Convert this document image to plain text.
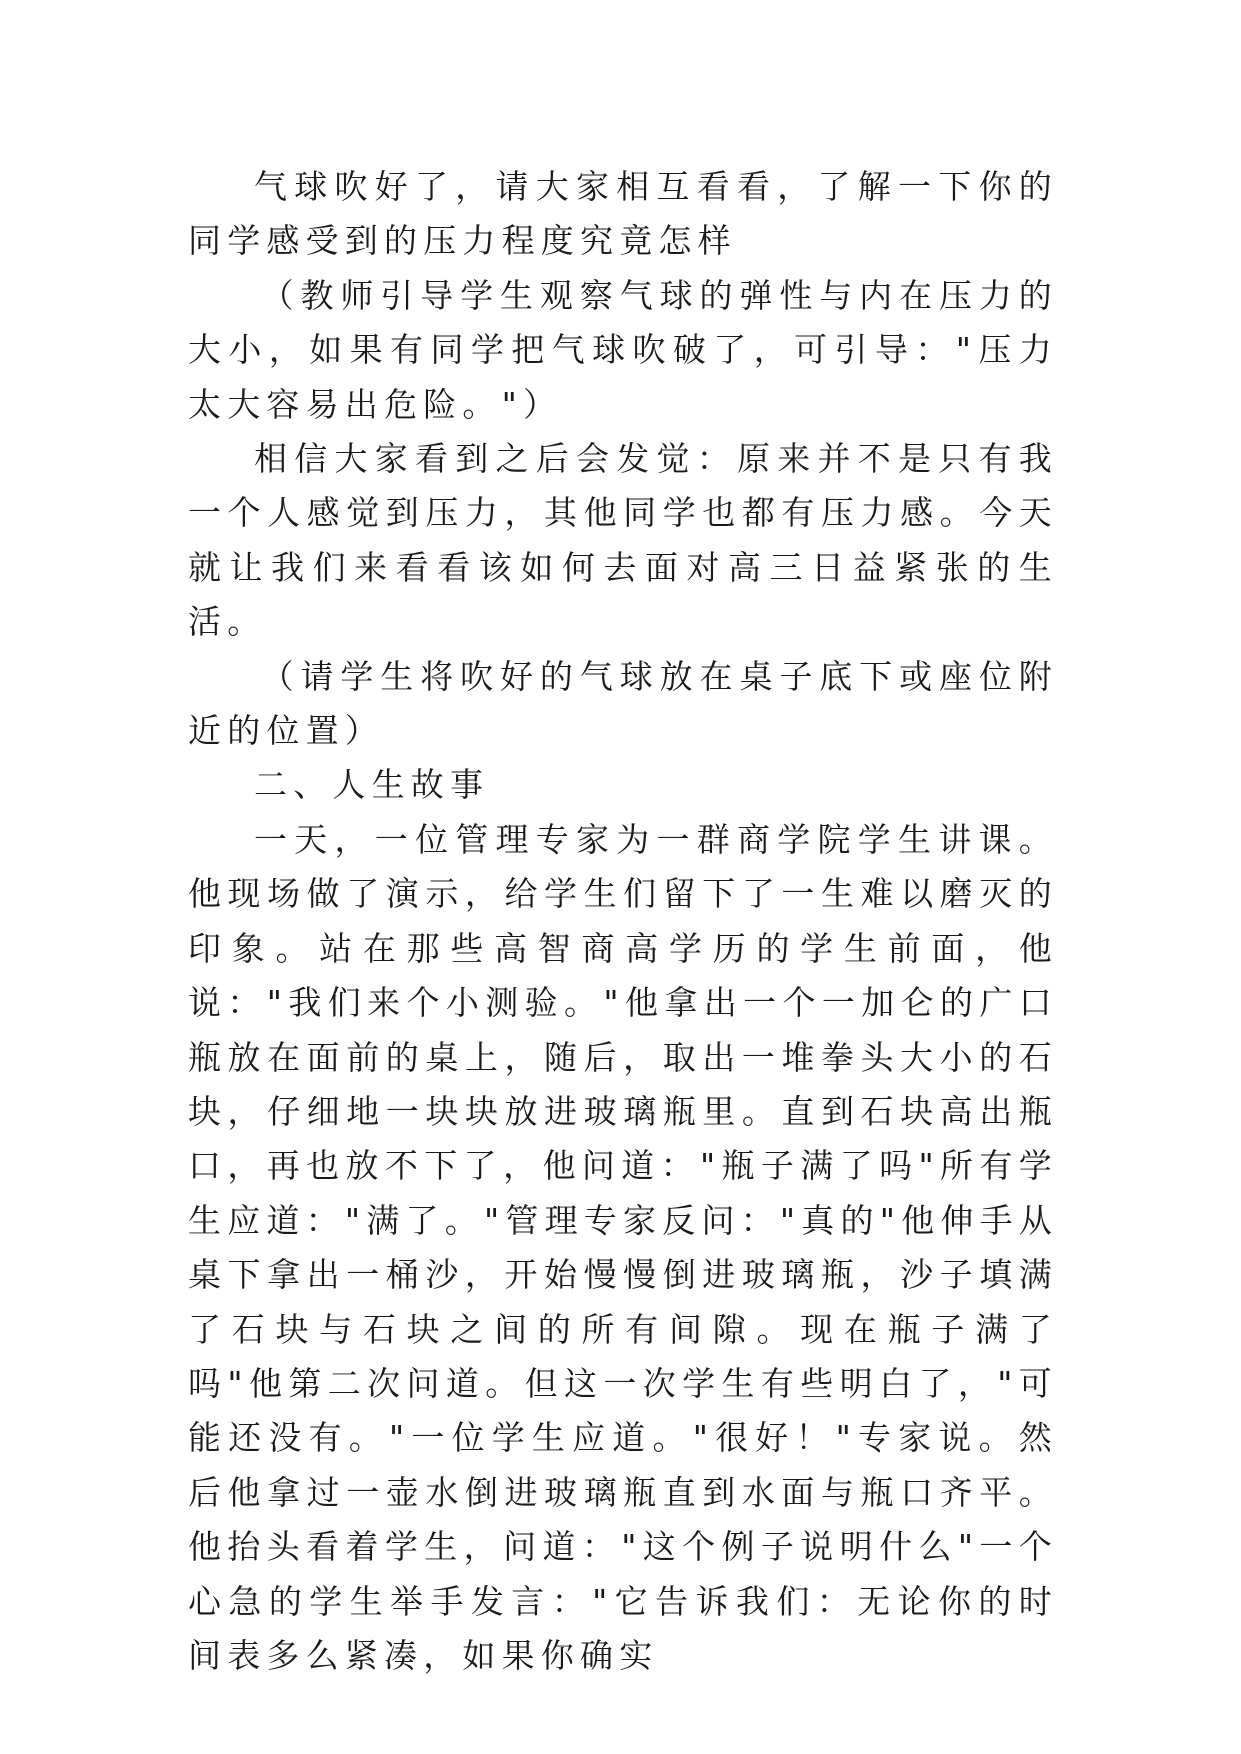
气球吹好了，请大家相互看看，了解一下你的同学感受到的压力程度究竟怎样

（教师引导学生观察气球的弹性与内在压力的大小，如果有同学把气球吹破了，可引导："压力太大容易出危险。"）

相信大家看到之后会发觉：原来并不是只有我一个人感觉到压力，其他同学也都有压力感。今天就让我们来看看该如何去面对高三日益紧张的生活。

（请学生将吹好的气球放在桌子底下或座位附近的位置）

二、人生故事

一天，一位管理专家为一群商学院学生讲课。他现场做了演示，给学生们留下了一生难以磨灭的印象。站在那些高智商高学历的学生前面，他说："我们来个小测验。"他拿出一个一加仑的广口瓶放在面前的桌上，随后，取出一堆拳头大小的石块，仔细地一块块放进玻璃瓶里。直到石块高出瓶口，再也放不下了，他问道："瓶子满了吗"所有学生应道："满了。"管理专家反问："真的"他伸手从桌下拿出一桶沙，开始慢慢倒进玻璃瓶，沙子填满了石块与石块之间的所有间隙。现在瓶子满了吗"他第二次问道。但这一次学生有些明白了，"可能还没有。"一位学生应道。"很好！"专家说。然后他拿过一壶水倒进玻璃瓶直到水面与瓶口齐平。他抬头看着学生，问道："这个例子说明什么"一个心急的学生举手发言："它告诉我们：无论你的时间表多么紧凑，如果你确实
